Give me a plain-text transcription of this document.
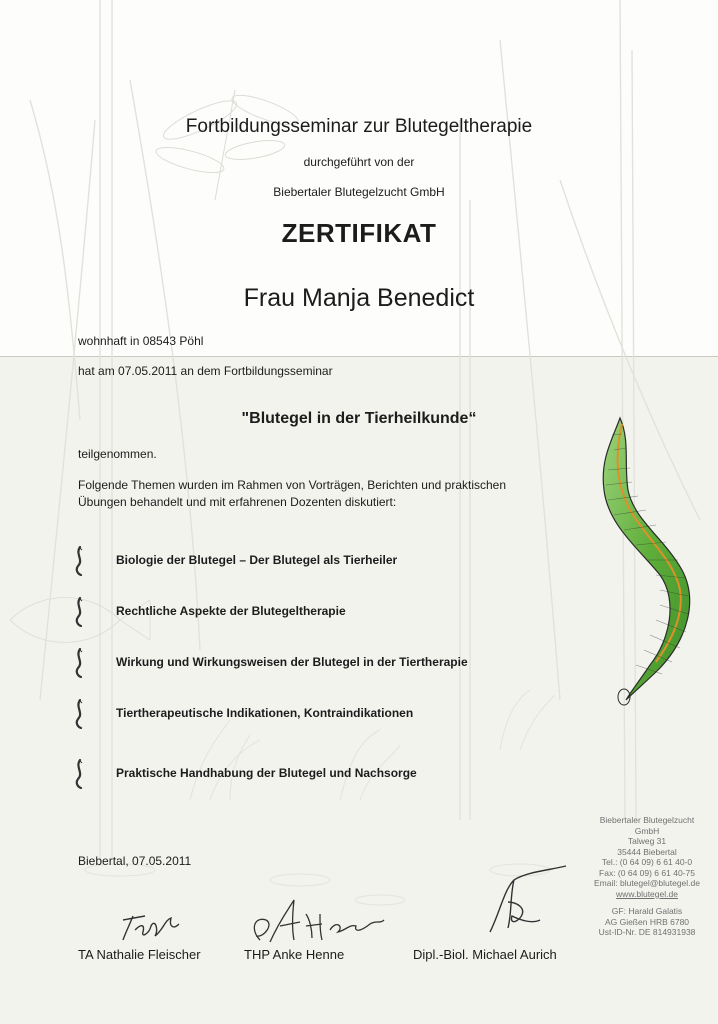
Fortbildungsseminar zur Blutegeltherapie
durchgeführt von der
Biebertaler Blutegelzucht GmbH
ZERTIFIKAT
Frau Manja Benedict
wohnhaft in 08543 Pöhl
hat am 07.05.2011 an dem Fortbildungsseminar
"Blutegel in der Tierheilkunde“
teilgenommen.
Folgende Themen wurden im Rahmen von Vorträgen, Berichten und praktischen Übungen behandelt und mit erfahrenen Dozenten diskutiert:
Biologie der Blutegel – Der Blutegel als Tierheiler
Rechtliche Aspekte der Blutegeltherapie
Wirkung und Wirkungsweisen der Blutegel in der Tiertherapie
Tiertherapeutische Indikationen, Kontraindikationen
Praktische Handhabung der Blutegel und Nachsorge
Biebertal, 07.05.2011
TA Nathalie Fleischer	THP Anke Henne	Dipl.-Biol. Michael Aurich
Biebertaler Blutegelzucht
GmbH
Talweg 31
35444 Biebertal
Tel.: (0 64 09) 6 61 40-0
Fax: (0 64 09) 6 61 40-75
Email: blutegel@blutegel.de
www.blutegel.de
GF: Harald Galatis
AG Gießen HRB 6780
Ust-ID-Nr. DE 814931938
